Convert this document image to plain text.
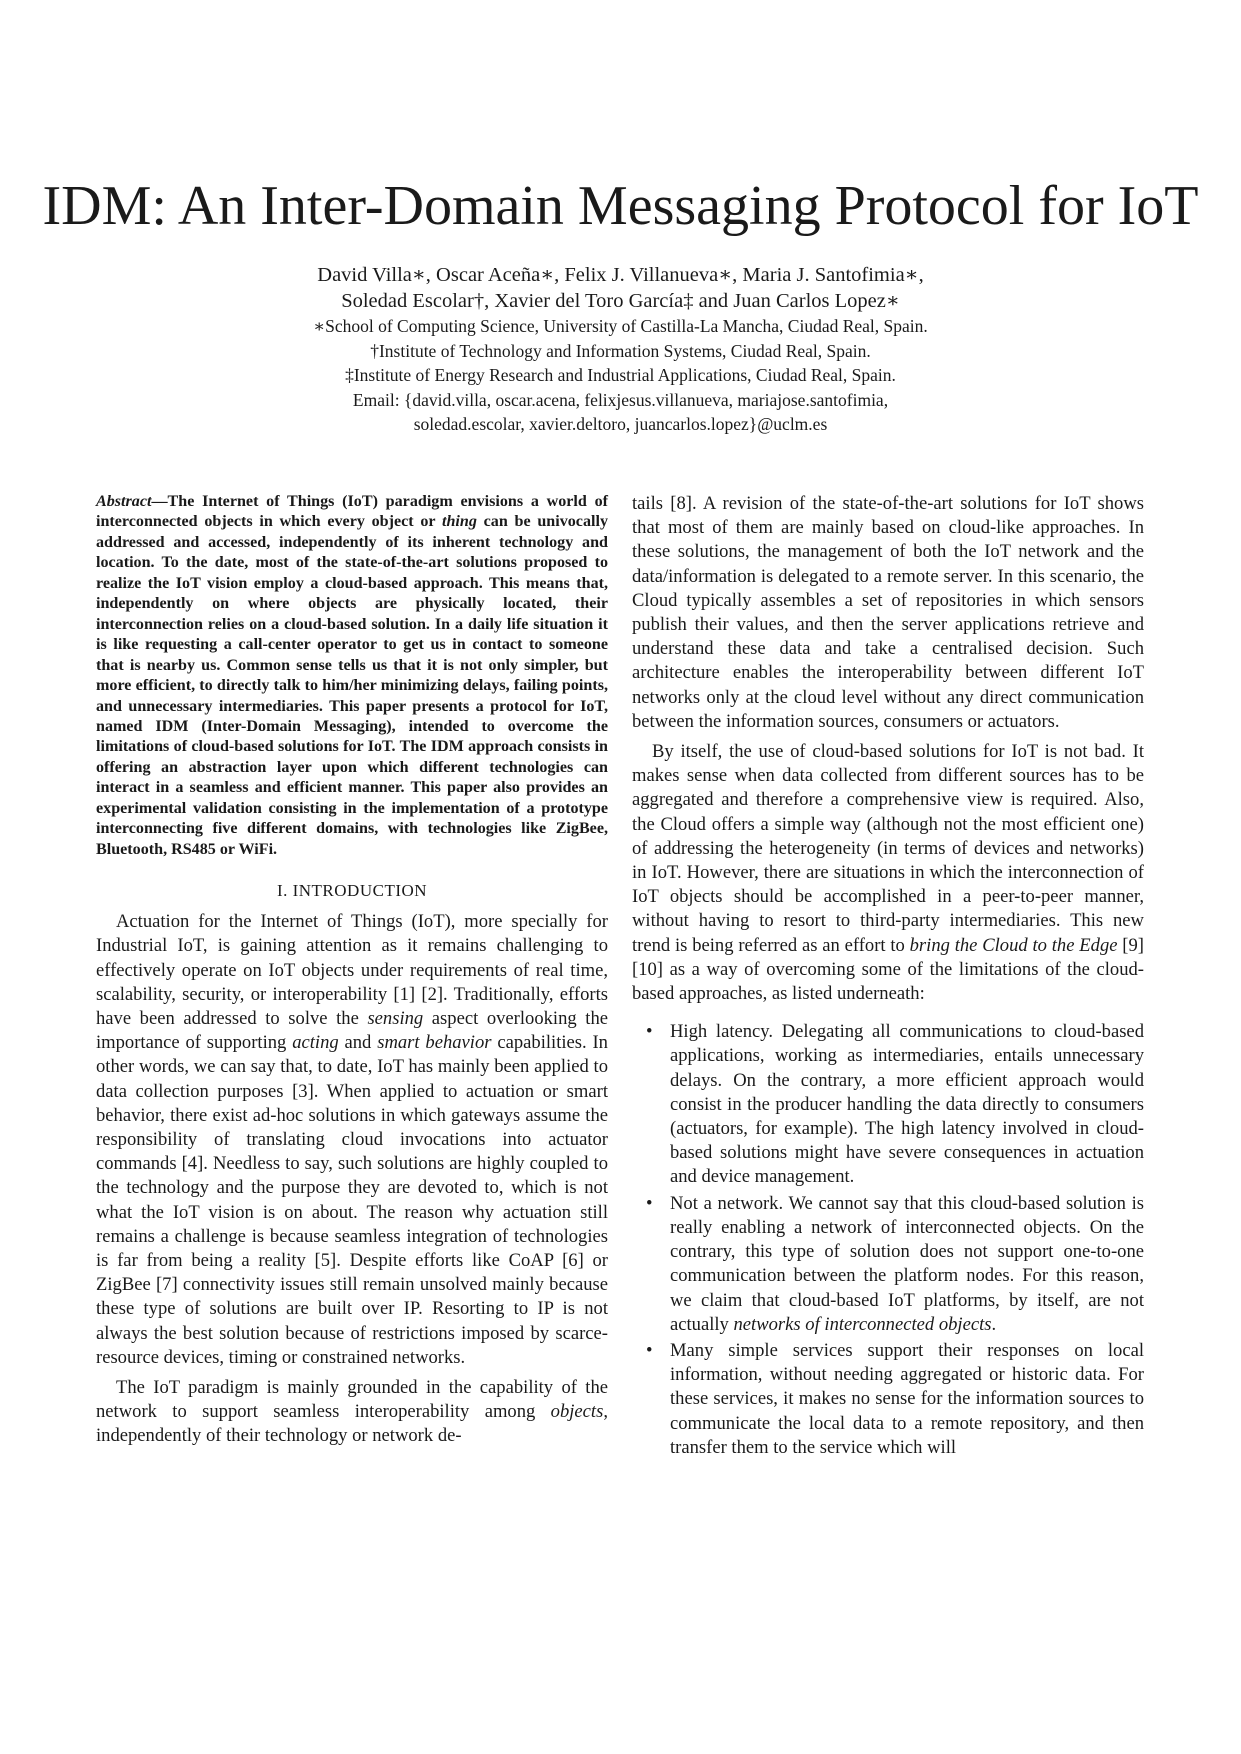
IDM: An Inter-Domain Messaging Protocol for IoT
David Villa∗, Oscar Aceña∗, Felix J. Villanueva∗, Maria J. Santofimia∗,
Soledad Escolar†, Xavier del Toro García‡ and Juan Carlos Lopez∗
∗School of Computing Science, University of Castilla-La Mancha, Ciudad Real, Spain.
†Institute of Technology and Information Systems, Ciudad Real, Spain.
‡Institute of Energy Research and Industrial Applications, Ciudad Real, Spain.
Email: {david.villa, oscar.acena, felixjesus.villanueva, mariajose.santofimia,
soledad.escolar, xavier.deltoro, juancarlos.lopez}@uclm.es

Abstract—The Internet of Things (IoT) paradigm envisions a world of interconnected objects in which every object or thing can be univocally addressed and accessed, independently of its inherent technology and location. To the date, most of the state-of-the-art solutions proposed to realize the IoT vision employ a cloud-based approach. This means that, independently on where objects are physically located, their interconnection relies on a cloud-based solution. In a daily life situation it is like requesting a call-center operator to get us in contact to someone that is nearby us. Common sense tells us that it is not only simpler, but more efficient, to directly talk to him/her minimizing delays, failing points, and unnecessary intermediaries. This paper presents a protocol for IoT, named IDM (Inter-Domain Messaging), intended to overcome the limitations of cloud-based solutions for IoT. The IDM approach consists in offering an abstraction layer upon which different technologies can interact in a seamless and efficient manner. This paper also provides an experimental validation consisting in the implementation of a prototype interconnecting five different domains, with technologies like ZigBee, Bluetooth, RS485 or WiFi.

I. INTRODUCTION

Actuation for the Internet of Things (IoT), more specially for Industrial IoT, is gaining attention as it remains challenging to effectively operate on IoT objects under requirements of real time, scalability, security, or interoperability [1] [2]. Traditionally, efforts have been addressed to solve the sensing aspect overlooking the importance of supporting acting and smart behavior capabilities. In other words, we can say that, to date, IoT has mainly been applied to data collection purposes [3]. When applied to actuation or smart behavior, there exist ad-hoc solutions in which gateways assume the responsibility of translating cloud invocations into actuator commands [4]. Needless to say, such solutions are highly coupled to the technology and the purpose they are devoted to, which is not what the IoT vision is on about. The reason why actuation still remains a challenge is because seamless integration of technologies is far from being a reality [5]. Despite efforts like CoAP [6] or ZigBee [7] connectivity issues still remain unsolved mainly because these type of solutions are built over IP. Resorting to IP is not always the best solution because of restrictions imposed by scarce-resource devices, timing or constrained networks.

The IoT paradigm is mainly grounded in the capability of the network to support seamless interoperability among objects, independently of their technology or network de-

tails [8]. A revision of the state-of-the-art solutions for IoT shows that most of them are mainly based on cloud-like approaches. In these solutions, the management of both the IoT network and the data/information is delegated to a remote server. In this scenario, the Cloud typically assembles a set of repositories in which sensors publish their values, and then the server applications retrieve and understand these data and take a centralised decision. Such architecture enables the interoperability between different IoT networks only at the cloud level without any direct communication between the information sources, consumers or actuators.

By itself, the use of cloud-based solutions for IoT is not bad. It makes sense when data collected from different sources has to be aggregated and therefore a comprehensive view is required. Also, the Cloud offers a simple way (although not the most efficient one) of addressing the heterogeneity (in terms of devices and networks) in IoT. However, there are situations in which the interconnection of IoT objects should be accomplished in a peer-to-peer manner, without having to resort to third-party intermediaries. This new trend is being referred as an effort to bring the Cloud to the Edge [9] [10] as a way of overcoming some of the limitations of the cloud-based approaches, as listed underneath:

• High latency. Delegating all communications to cloud-based applications, working as intermediaries, entails unnecessary delays. On the contrary, a more efficient approach would consist in the producer handling the data directly to consumers (actuators, for example). The high latency involved in cloud-based solutions might have severe consequences in actuation and device management.
• Not a network. We cannot say that this cloud-based solution is really enabling a network of interconnected objects. On the contrary, this type of solution does not support one-to-one communication between the platform nodes. For this reason, we claim that cloud-based IoT platforms, by itself, are not actually networks of interconnected objects.
• Many simple services support their responses on local information, without needing aggregated or historic data. For these services, it makes no sense for the information sources to communicate the local data to a remote repository, and then transfer them to the service which will
